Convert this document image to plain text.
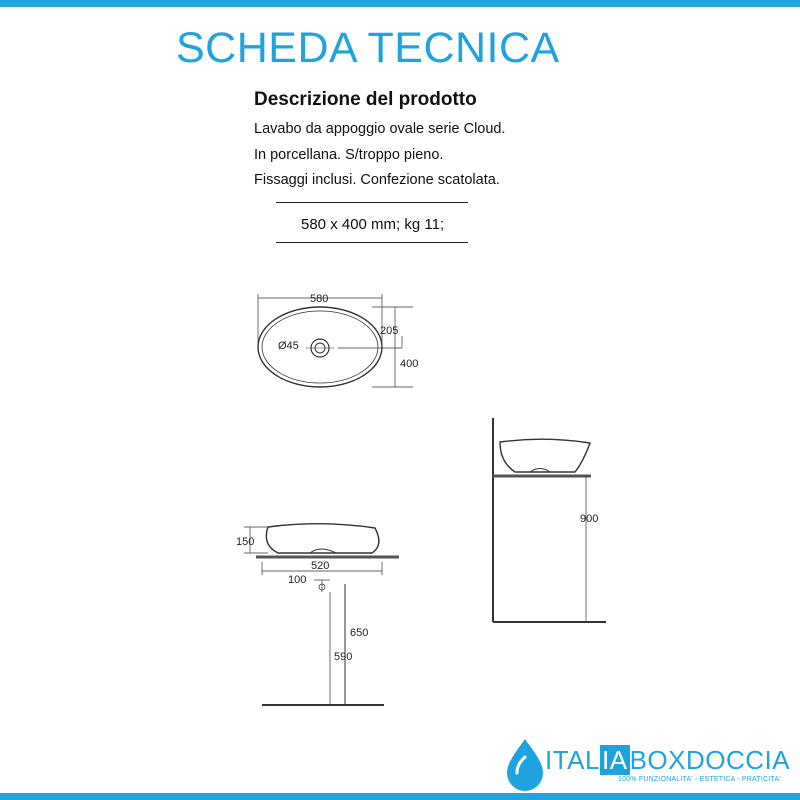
SCHEDA TECNICA
Descrizione del prodotto
Lavabo da appoggio ovale serie Cloud.
In porcellana. S/troppo pieno.
Fissaggi inclusi. Confezione scatolata.
580 x 400 mm; kg 11;
580
205
400
Ø45
900
150
520
100
650
590
ITALIABOXDOCCIA
100% FUNZIONALITA' - ESTETICA - PRATICITA'
